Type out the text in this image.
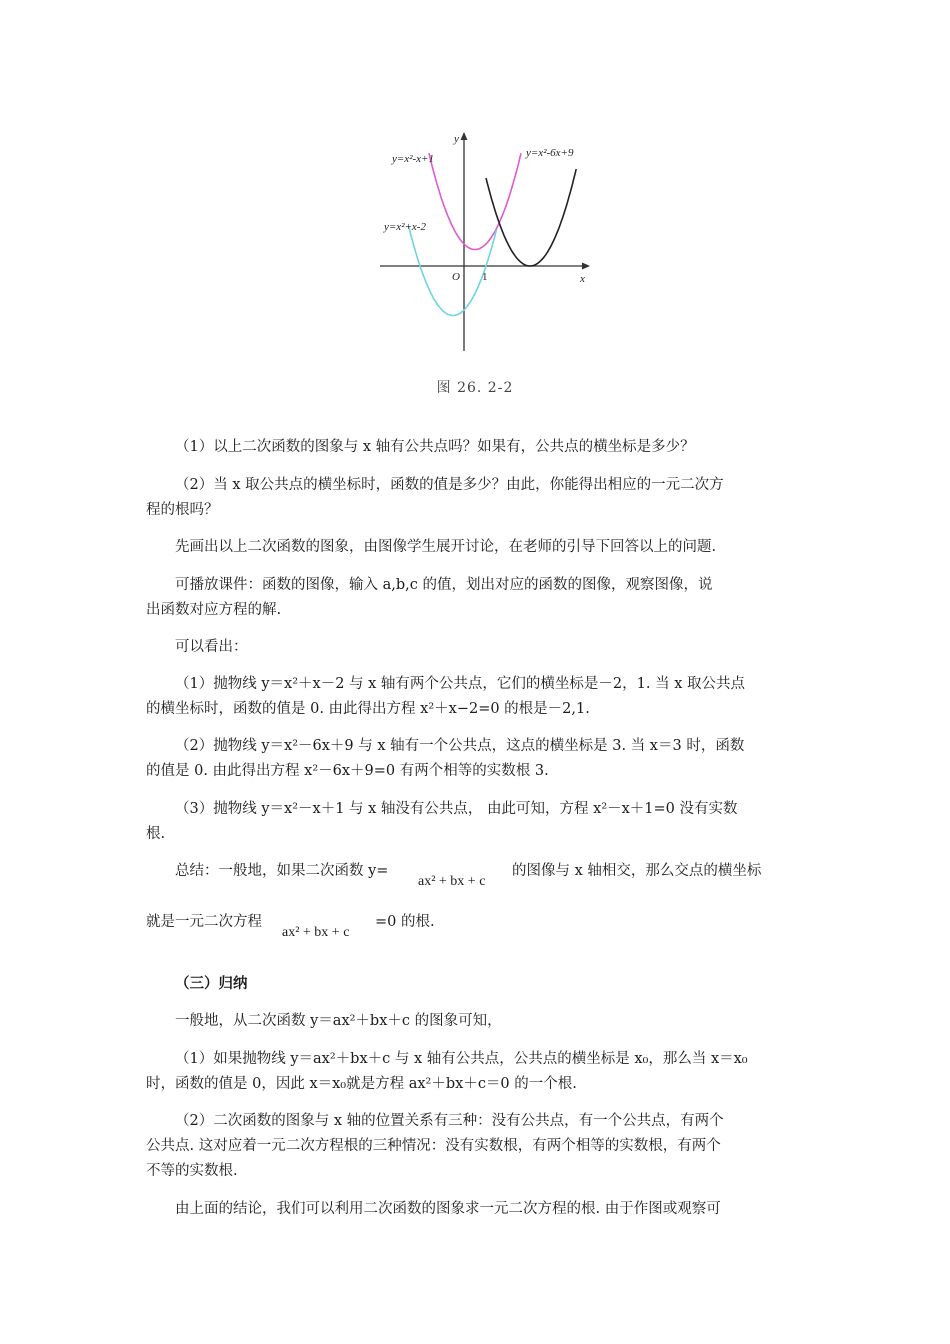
y=x²-x+1	y=x²-6x+9
y=x²+x-2
y
x
O 1
图 26. 2-2
（1）以上二次函数的图象与 x 轴有公共点吗？如果有，公共点的横坐标是多少？
（2）当 x 取公共点的横坐标时，函数的值是多少？由此，你能得出相应的一元二次方
程的根吗？
先画出以上二次函数的图象，由图像学生展开讨论，在老师的引导下回答以上的问题.
可播放课件：函数的图像，输入 a,b,c 的值，划出对应的函数的图像，观察图像，说
出函数对应方程的解.
可以看出：
（1）抛物线 y＝x²＋x－2 与 x 轴有两个公共点，它们的横坐标是－2，1. 当 x 取公共点
的横坐标时，函数的值是 0. 由此得出方程 x²＋x−2=0 的根是－2,1.
（2）抛物线 y＝x²－6x＋9 与 x 轴有一个公共点，这点的横坐标是 3. 当 x＝3 时，函数
的值是 0. 由此得出方程 x²－6x＋9=0 有两个相等的实数根 3.
（3）抛物线 y＝x²－x＋1 与 x 轴没有公共点， 由此可知，方程 x²－x＋1=0 没有实数
根.
总结：一般地，如果二次函数 y=
ax² + bx + c
的图像与 x 轴相交，那么交点的横坐标
就是一元二次方程
ax² + bx + c
=0 的根.
（三）归纳
一般地，从二次函数 y＝ax²＋bx＋c 的图象可知，
（1）如果抛物线 y＝ax²＋bx＋c 与 x 轴有公共点，公共点的横坐标是 x₀，那么当 x＝x₀
时，函数的值是 0，因此 x＝x₀就是方程 ax²＋bx＋c＝0 的一个根.
（2）二次函数的图象与 x 轴的位置关系有三种：没有公共点，有一个公共点，有两个
公共点. 这对应着一元二次方程根的三种情况：没有实数根，有两个相等的实数根，有两个
不等的实数根.
由上面的结论，我们可以利用二次函数的图象求一元二次方程的根. 由于作图或观察可
